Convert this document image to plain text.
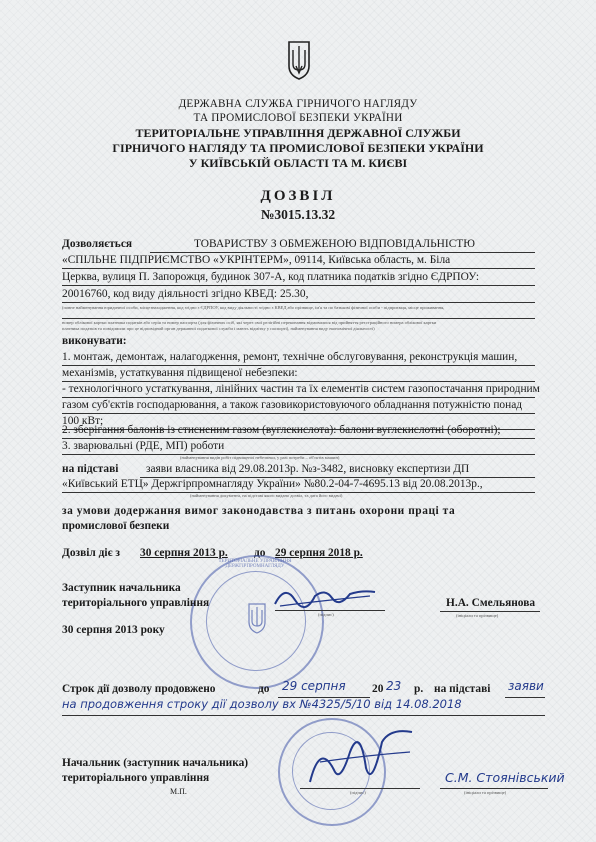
ДЕРЖАВНА СЛУЖБА ГІРНИЧОГО НАГЛЯДУ
ТА ПРОМИСЛОВОЇ БЕЗПЕКИ УКРАЇНИ
ТЕРИТОРІАЛЬНЕ УПРАВЛІННЯ ДЕРЖАВНОЇ СЛУЖБИ
ГІРНИЧОГО НАГЛЯДУ ТА ПРОМИСЛОВОЇ БЕЗПЕКИ УКРАЇНИ
У КИЇВСЬКІЙ ОБЛАСТІ ТА М. КИЄВІ
ДОЗВІЛ
№3015.13.32
Дозволяється	ТОВАРИСТВУ З ОБМЕЖЕНОЮ ВІДПОВІДАЛЬНІСТЮ
«СПІЛЬНЕ ПІДПРИЄМСТВО «УКРІНТЕРМ», 09114, Київська область, м. Біла
Церква, вулиця П. Запорожця, будинок 307-А, код платника податків згідно ЄДРПОУ:
20016760, код виду діяльності згідно КВЕД: 25.30,
(повне найменування юридичної особи, місцезнаходження, код згідно з ЄДРПОУ, код виду діяльності згідно з КВЕД або прізвище, ім'я та по батькові фізичної особи - підприємця, місце проживання,
номер облікової картки платника податків або серія та номер паспорта (для фізичних осіб, які через свої релігійні переконання відмовилися від прийняття реєстраційного номера облікової картки
платника податків та повідомили про це відповідний орган державної податкової служби і мають відмітку у паспорті), найменування виду економічної діяльності)
виконувати:
1. монтаж, демонтаж, налагодження, ремонт, технічне обслуговування, реконструкція машин,
механізмів, устаткування підвищеної небезпеки:
- технологічного устаткування, лінійних частин та їх елементів систем газопостачання природним
газом суб'єктів господарювання, а також газовикористовуючого обладнання потужністю понад
100 кВт;
2. зберігання балонів із стисненим газом (вуглекислота): балони вуглекислотні (оборотні);
3. зварювальні (РДЕ, МП) роботи
(найменування видів робіт підвищеної небезпеки, у разі потреби – об'єктів машин)
на підставі заяви власника від 29.08.2013р. №з-3482, висновку експертизи ДП
«Київський ЕТЦ» Держгірпромнагляду України» №80.2-04-7-4695.13 від 20.08.2013р.,
(найменування документа, на підставі якого видано дозвіл, та дата його видачі)
за умови додержання вимог законодавства з питань охорони праці та
промислової безпеки
Дозвіл діє з 30 серпня 2013 р. до 29 серпня 2018 р.
ТЕРИТОРІАЛЬНЕ УПРАВЛІННЯ ДЕРЖГІРПРОМНАГЛЯДУ
Заступник начальника
територіального управління
(підпис)
Н.А. Смельянова
(ініціали та прізвище)
30 серпня 2013 року
Строк дії дозволу продовжено	до 29 серпня 20 23 р. на підставі заяви
на продовження строку дії дозволу вх №4325/5/10 від 14.08.2018
Начальник (заступник начальника)
територіального управління
М.П.	(підпис)
С.М. Стоянівський
(ініціали та прізвище)
